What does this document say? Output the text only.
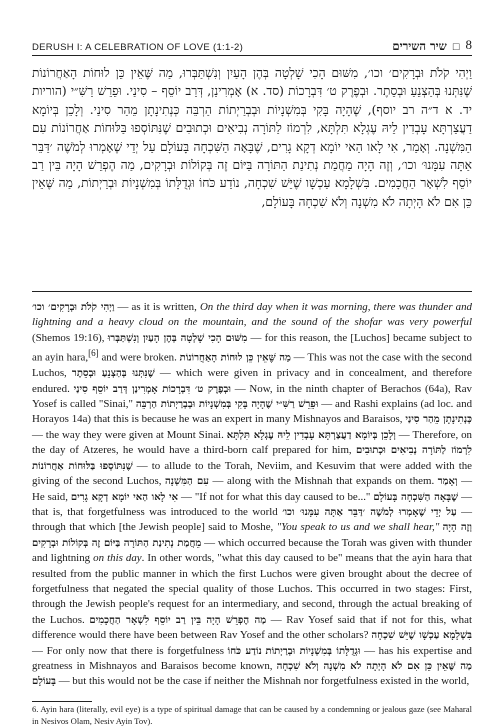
DERUSH I: A CELEBRATION OF LOVE (1:1-2)	שיר השירים □ 8
וַיְהִי קֹלֹת וּבְרָקִים׳ וכו׳, מִשּׁוּם הָכִי שָׁלְטָה בְּהֶן הָעַיִן וְנִשְׁתַּבְּרוּ, מַה שֶּׁאֵין כֵּן לוּחוֹת הָאַחֲרוֹנוֹת שֶׁנִּתְּנוּ בְּהַצְנֵעַ וּבְסֵתֶר. וּבְפֶרֶק ט׳ דִּבְרָכוֹת (סד. א) אָמְרִינַן, דְּרַב יוֹסֵף – סִינַי. וּפֵרֵשׁ רַשִּׁ״י (הוריות יד. א ד״ה רב יוסף), שֶׁהָיָה בָּקִי בְּמִשְׁנָיוֹת וּבְבְרַיְתוֹת הַרְבֵּה כְּנְתִינָתָן מֵהַר סִינַי. וְלָכֵן בְּיוֹמָא דַעֲצַרְתָּא עָבְדִין לֵיהּ עֶגְלָא תִּלְתָּא, לִרְמוֹז לַתּוֹרָה נְבִיאִים וּכְתוּבִים שֶׁנִּתּוֹסְפוּ בַּלּוּחוֹת אַחֲרוֹנוֹת עִם הַמִּשְׁנָה. וְאָמַר, אִי לָאו הַאי יוֹמָא דְקָא גָרִים, שֶׁבָּאָה הַשִּׁכְחָה בָּעוֹלָם עַל יְדֵי שֶׁאָמְרוּ לְמֹשֶׁה ׳דַּבֵּר אַתָּה עִמָּנוּ׳ וכו׳, וְזֶה הָיָה מֵחֲמַת נְתִינַת הַתּוֹרָה בַּיּוֹם זֶה בְּקוֹלוֹת וּבְרָקִים, מַה הֶפְרֵשׁ הָיָה בֵּין רַב יוֹסֵף לִשְׁאָר הַחֲכָמִים. בִּשְׁלָמָא עַכְשָׁו שֶׁיֵּשׁ שִׁכְחָה, נוֹדַע כֹּחוֹ וּגְדֻלָּתוֹ בְּמִשְׁנָיוֹת וּבְרַיְתוֹת, מַה שֶּׁאֵין כֵּן אִם לֹא הָיְתָה לֹא מִשְׁנָה וְלֹא שִׁכְחָה בָּעוֹלָם,
וַיְהִי קֹלֹת וּבְרָקִים׳ וכו׳ — as it is written, On the third day when it was morning, there was thunder and lightning and a heavy cloud on the mountain, and the sound of the shofar was very powerful (Shemos 19:16), מִשּׁוּם הָכִי שָׁלְטָה בְּהֶן הָעַיִן וְנִשְׁתַּבְּרוּ — for this reason, the [Luchos] became subject to an ayin hara,[6] and were broken. מַה שֶּׁאֵין כֵּן לוּחוֹת הָאַחֲרוֹנוֹת — This was not the case with the second Luchos, שֶׁנִּתְּנוּ בְּהַצְנֵעַ וּבְסֵתֶר — which were given in privacy and in concealment, and therefore endured. וּבְפֶרֶק ט׳ דִּבְרָכוֹת אָמְרִינַן דְּרַב יוֹסֵף סִינַי — Now, in the ninth chapter of Berachos (64a), Rav Yosef is called "Sinai," וּפֵרֵשׁ רַשִּׁ״י שֶׁהָיָה בָּקִי בְּמִשְׁנָיוֹת וּבְבְרַיְתוֹת הַרְבֵּה — and Rashi explains (ad loc. and Horayos 14a) that this is because he was an expert in many Mishnayos and Baraisos, כְּנְתִינָתָן מֵהַר סִינַי — the way they were given at Mount Sinai. וְלָכֵן בְּיוֹמָא דַעֲצַרְתָּא עָבְדִין לֵיהּ עֶגְלָא תִּלְתָּא — Therefore, on the day of Atzeres, he would have a third-born calf prepared for him, לִרְמוֹז לַתּוֹרָה נְבִיאִים וּכְתוּבִים שֶׁנִּתּוֹסְפוּ בַּלּוּחוֹת אַחֲרוֹנוֹת — to allude to the Torah, Neviim, and Kesuvim that were added with the giving of the second Luchos, עִם הַמִּשְׁנָה — along with the Mishnah that expands on them. וְאָמַר — He said, אִי לָאו הַאי יוֹמָא דְקָא גָרִים — "If not for what this day caused to be..." שֶׁבָּאָה הַשִּׁכְחָה בָּעוֹלָם — that is, that forgetfulness was introduced to the world עַל יְדֵי שֶׁאָמְרוּ לְמֹשֶׁה ׳דַּבֵּר אַתָּה עִמָּנוּ׳ וכו׳ — through that which [the Jewish people] said to Moshe, "You speak to us and we shall hear," וְזֶה הָיָה מֵחֲמַת נְתִינַת הַתּוֹרָה בַּיּוֹם זֶה בְּקוֹלוֹת וּבְרָקִים — which occurred because the Torah was given with thunder and lightning on this day. In other words, "what this day caused to be" means that the ayin hara that resulted from the public manner in which the first Luchos were given brought about the decree of forgetfulness that negated the special quality of those Luchos. This occurred in two stages: First, through the Jewish people's request for an intermediary, and second, through the actual breaking of the Luchos. מַה הֶפְרֵשׁ הָיָה בֵּין רַב יוֹסֵף לִשְׁאָר הַחֲכָמִים — Rav Yosef said that if not for this, what difference would there have been between Rav Yosef and the other scholars? בִּשְׁלָמָא עַכְשָׁו שֶׁיֵּשׁ שִׁכְחָה — For only now that there is forgetfulness נוֹדַע כֹּחוֹ וּגְדֻלָּתוֹ בְּמִשְׁנָיוֹת וּבְרַיְתוֹת — has his expertise and greatness in Mishnayos and Baraisos become known, מַה שֶּׁאֵין כֵּן אִם לֹא הָיְתָה לֹא מִשְׁנָה וְלֹא שִׁכְחָה בָּעוֹלָם — but this would not be the case if neither the Mishnah nor forgetfulness existed in the world,
6. Ayin hara (literally, evil eye) is a type of spiritual damage that can be caused by a condemning or jealous gaze (see Maharal in Nesivos Olam, Nesiv Ayin Tov).
